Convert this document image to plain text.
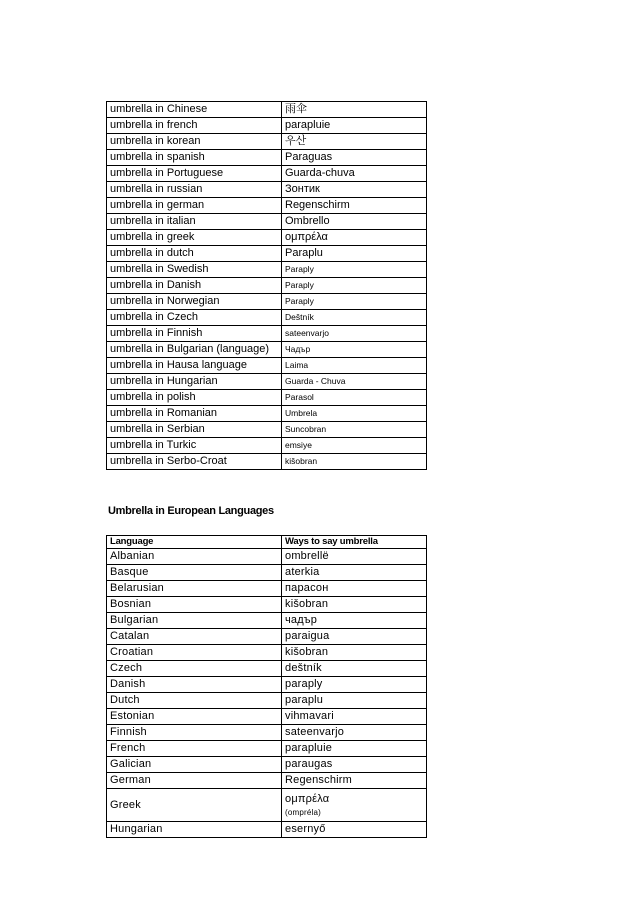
umbrella in Chinese	雨伞
umbrella in french	parapluie
umbrella in korean	우산
umbrella in spanish	Paraguas
umbrella in Portuguese	Guarda-chuva
umbrella in russian	Зонтик
umbrella in german	Regenschirm
umbrella in italian	Ombrello
umbrella in greek	ομπρέλα
umbrella in dutch	Paraplu
umbrella in Swedish	Paraply
umbrella in Danish	Paraply
umbrella in Norwegian	Paraply
umbrella in Czech	Deštník
umbrella in Finnish	sateenvarjo
umbrella in Bulgarian (language)	Чадър
umbrella in Hausa language	Laima
umbrella in Hungarian	Guarda - Chuva
umbrella in polish	Parasol
umbrella in Romanian	Umbrela
umbrella in Serbian	Suncobran
umbrella in Turkic	emsiye
umbrella in Serbo-Croat	kišobran
Umbrella in European Languages
Language	Ways to say umbrella
Albanian	ombrellë
Basque	aterkia
Belarusian	парасон
Bosnian	kišobran
Bulgarian	чадър
Catalan	paraigua
Croatian	kišobran
Czech	deštník
Danish	paraply
Dutch	paraplu
Estonian	vihmavari
Finnish	sateenvarjo
French	parapluie
Galician	paraugas
German	Regenschirm
Greek	ομπρέλα
(ompréla)

Hungarian	esernyő
